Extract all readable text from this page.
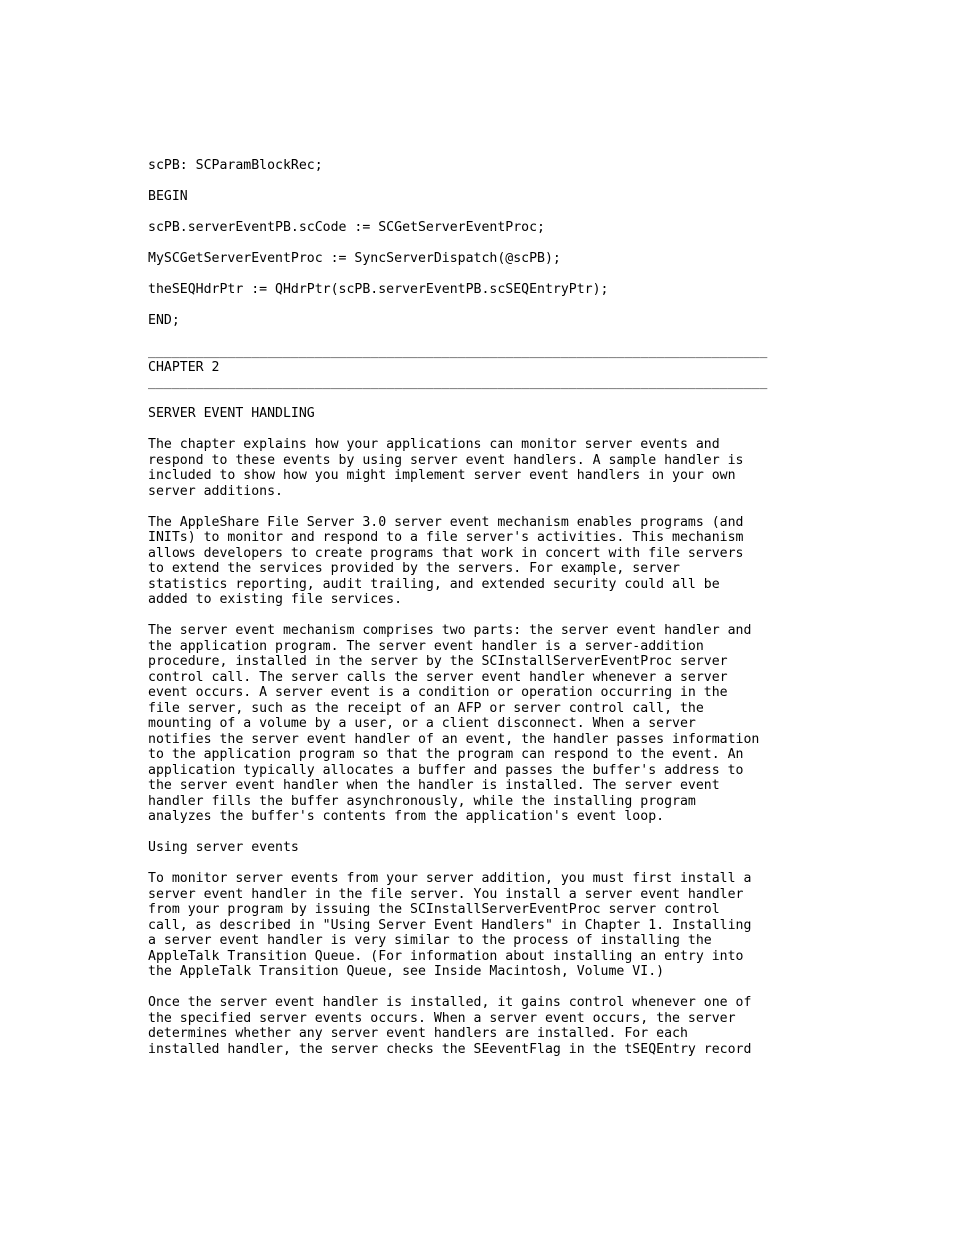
scPB: SCParamBlockRec;
BEGIN
scPB.serverEventPB.scCode := SCGetServerEventProc;
MySCGetServerEventProc := SyncServerDispatch(@scPB);
theSEQHdrPtr := QHdrPtr(scPB.serverEventPB.scSEQEntryPtr);
END;
______________________________________________________________________________
CHAPTER 2
______________________________________________________________________________
SERVER EVENT HANDLING
The chapter explains how your applications can monitor server events and
respond to these events by using server event handlers. A sample handler is
included to show how you might implement server event handlers in your own
server additions.
The AppleShare File Server 3.0 server event mechanism enables programs (and
INITs) to monitor and respond to a file server's activities. This mechanism
allows developers to create programs that work in concert with file servers
to extend the services provided by the servers. For example, server
statistics reporting, audit trailing, and extended security could all be
added to existing file services.
The server event mechanism comprises two parts: the server event handler and
the application program. The server event handler is a server-addition
procedure, installed in the server by the SCInstallServerEventProc server
control call. The server calls the server event handler whenever a server
event occurs. A server event is a condition or operation occurring in the
file server, such as the receipt of an AFP or server control call, the
mounting of a volume by a user, or a client disconnect. When a server
notifies the server event handler of an event, the handler passes information
to the application program so that the program can respond to the event. An
application typically allocates a buffer and passes the buffer's address to
the server event handler when the handler is installed. The server event
handler fills the buffer asynchronously, while the installing program
analyzes the buffer's contents from the application's event loop.
Using server events
To monitor server events from your server addition, you must first install a
server event handler in the file server. You install a server event handler
from your program by issuing the SCInstallServerEventProc server control
call, as described in "Using Server Event Handlers" in Chapter 1. Installing
a server event handler is very similar to the process of installing the
AppleTalk Transition Queue. (For information about installing an entry into
the AppleTalk Transition Queue, see Inside Macintosh, Volume VI.)
Once the server event handler is installed, it gains control whenever one of
the specified server events occurs. When a server event occurs, the server
determines whether any server event handlers are installed. For each
installed handler, the server checks the SEeventFlag in the tSEQEntry record
